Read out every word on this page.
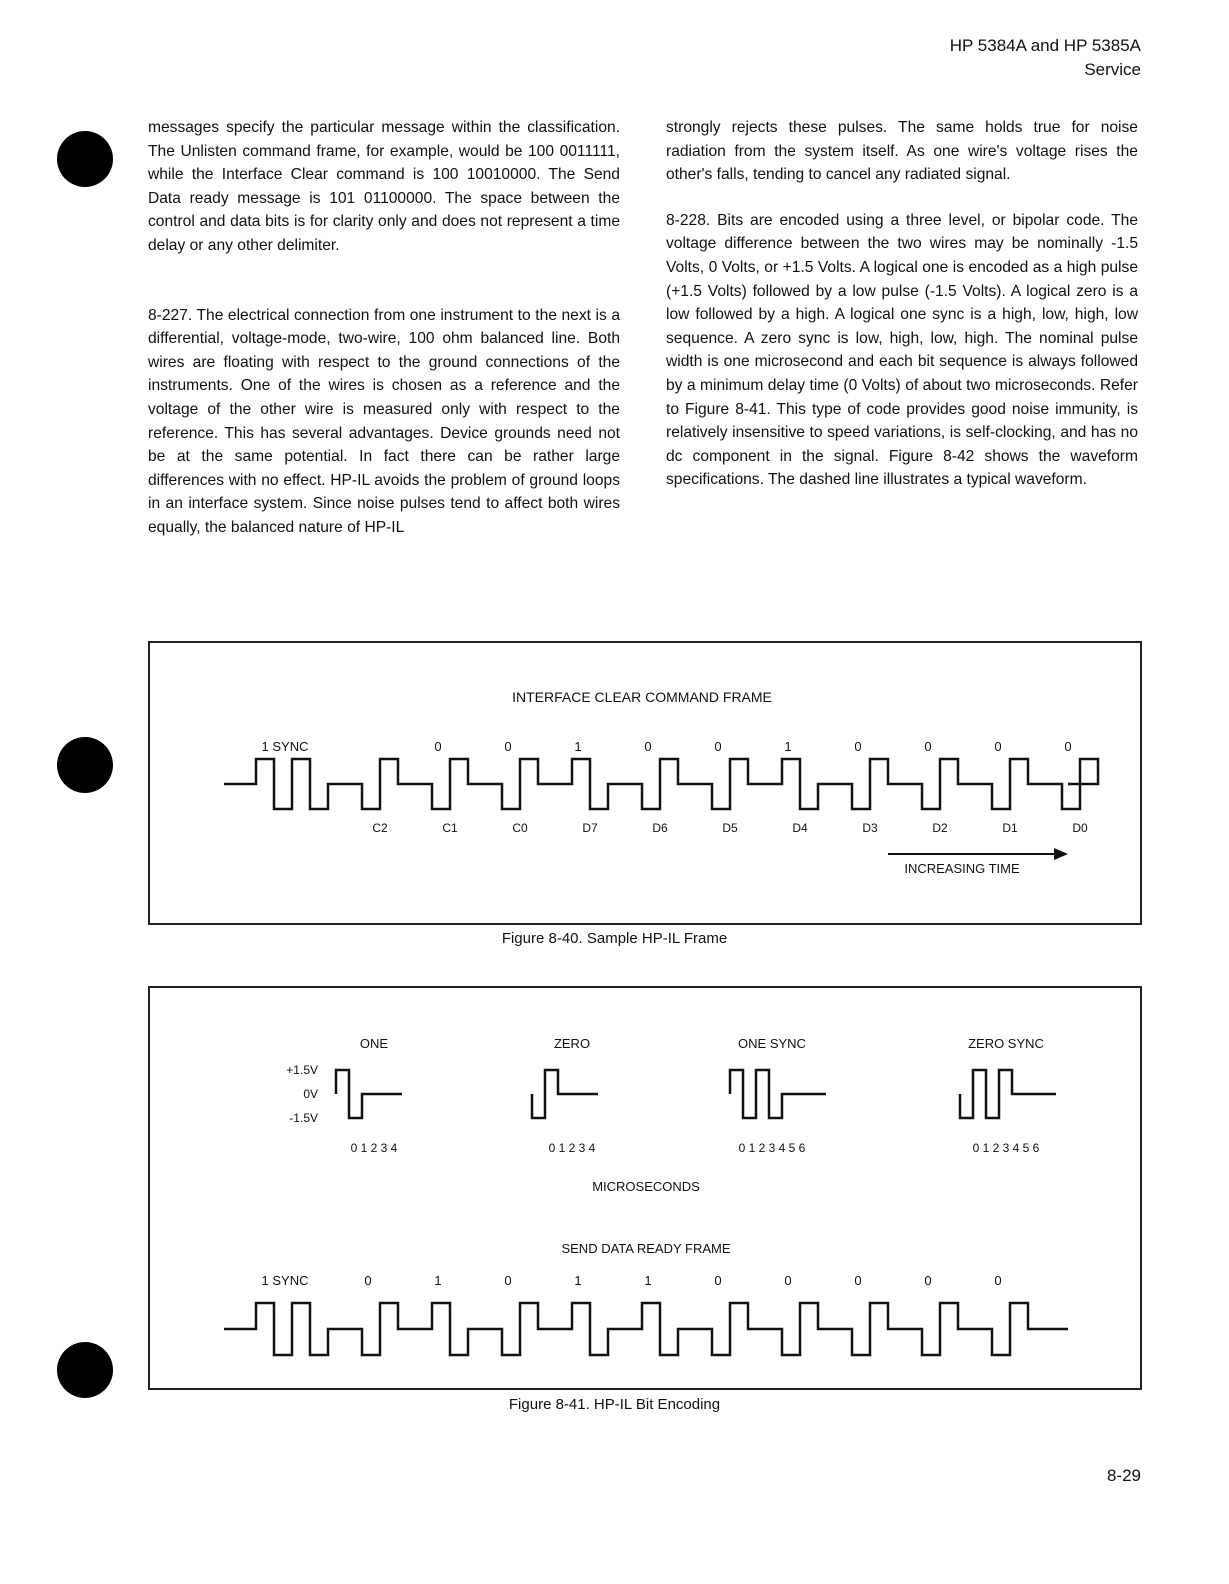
HP 5384A and HP 5385A
Service

messages specify the particular message within the classification. The Unlisten command frame, for example, would be 100 0011111, while the Interface Clear command is 100 10010000. The Send Data ready message is 101 01100000. The space between the control and data bits is for clarity only and does not represent a time delay or any other delimiter.

8-227. The electrical connection from one instrument to the next is a differential, voltage-mode, two-wire, 100 ohm balanced line. Both wires are floating with respect to the ground connections of the instruments. One of the wires is chosen as a reference and the voltage of the other wire is measured only with respect to the reference. This has several advantages. Device grounds need not be at the same potential. In fact there can be rather large differences with no effect. HP-IL avoids the problem of ground loops in an interface system. Since noise pulses tend to affect both wires equally, the balanced nature of HP-IL

strongly rejects these pulses. The same holds true for noise radiation from the system itself. As one wire's voltage rises the other's falls, tending to cancel any radiated signal.

8-228. Bits are encoded using a three level, or bipolar code. The voltage difference between the two wires may be nominally -1.5 Volts, 0 Volts, or +1.5 Volts. A logical one is encoded as a high pulse (+1.5 Volts) followed by a low pulse (-1.5 Volts). A logical zero is a low followed by a high. A logical one sync is a high, low, high, low sequence. A zero sync is low, high, low, high. The nominal pulse width is one microsecond and each bit sequence is always followed by a minimum delay time (0 Volts) of about two microseconds. Refer to Figure 8-41. This type of code provides good noise immunity, is relatively insensitive to speed variations, is self-clocking, and has no dc component in the signal. Figure 8-42 shows the waveform specifications. The dashed line illustrates a typical waveform.

INTERFACE CLEAR COMMAND FRAME
1 SYNC	0	0	1	0	0	1	0	0	0	0
C2	C1	C0	D7	D6	D5	D4	D3	D2	D1	D0
INCREASING TIME
Figure 8-40. Sample HP-IL Frame
ONE
0 1 2 3 4
ZERO
0 1 2 3 4
ONE SYNC
0 1 2 3 4 5 6
ZERO SYNC
0 1 2 3 4 5 6
+1.5V
0V
-1.5V
MICROSECONDS
SEND DATA READY FRAME
1 SYNC	0	1	0	1	1	0	0	0	0	0
Figure 8-41. HP-IL Bit Encoding
8-29
